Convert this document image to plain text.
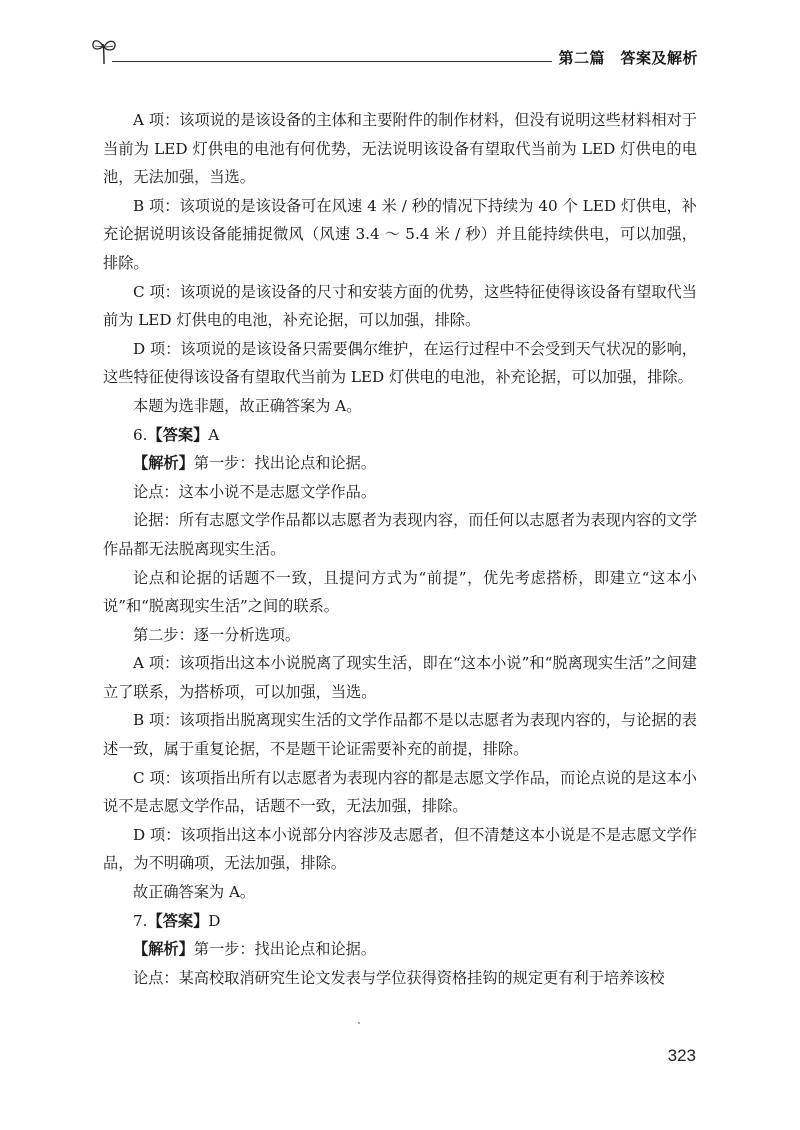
第二篇　答案及解析

A 项：该项说的是该设备的主体和主要附件的制作材料，但没有说明这些材料相对于当前为 LED 灯供电的电池有何优势，无法说明该设备有望取代当前为 LED 灯供电的电池，无法加强，当选。

B 项：该项说的是该设备可在风速 4 米 / 秒的情况下持续为 40 个 LED 灯供电，补充论据说明该设备能捕捉微风（风速 3.4 ～ 5.4 米 / 秒）并且能持续供电，可以加强，排除。

C 项：该项说的是该设备的尺寸和安装方面的优势，这些特征使得该设备有望取代当前为 LED 灯供电的电池，补充论据，可以加强，排除。

D 项：该项说的是该设备只需要偶尔维护，在运行过程中不会受到天气状况的影响，这些特征使得该设备有望取代当前为 LED 灯供电的电池，补充论据，可以加强，排除。

本题为选非题，故正确答案为 A。

6.【答案】A

【解析】第一步：找出论点和论据。

论点：这本小说不是志愿文学作品。

论据：所有志愿文学作品都以志愿者为表现内容，而任何以志愿者为表现内容的文学作品都无法脱离现实生活。

论点和论据的话题不一致，且提问方式为“前提”，优先考虑搭桥，即建立“这本小说”和“脱离现实生活”之间的联系。

第二步：逐一分析选项。

A 项：该项指出这本小说脱离了现实生活，即在“这本小说”和“脱离现实生活”之间建立了联系，为搭桥项，可以加强，当选。

B 项：该项指出脱离现实生活的文学作品都不是以志愿者为表现内容的，与论据的表述一致，属于重复论据，不是题干论证需要补充的前提，排除。

C 项：该项指出所有以志愿者为表现内容的都是志愿文学作品，而论点说的是这本小说不是志愿文学作品，话题不一致，无法加强，排除。

D 项：该项指出这本小说部分内容涉及志愿者，但不清楚这本小说是不是志愿文学作品，为不明确项，无法加强，排除。

故正确答案为 A。

7.【答案】D

【解析】第一步：找出论点和论据。

论点：某高校取消研究生论文发表与学位获得资格挂钩的规定更有利于培养该校

323
